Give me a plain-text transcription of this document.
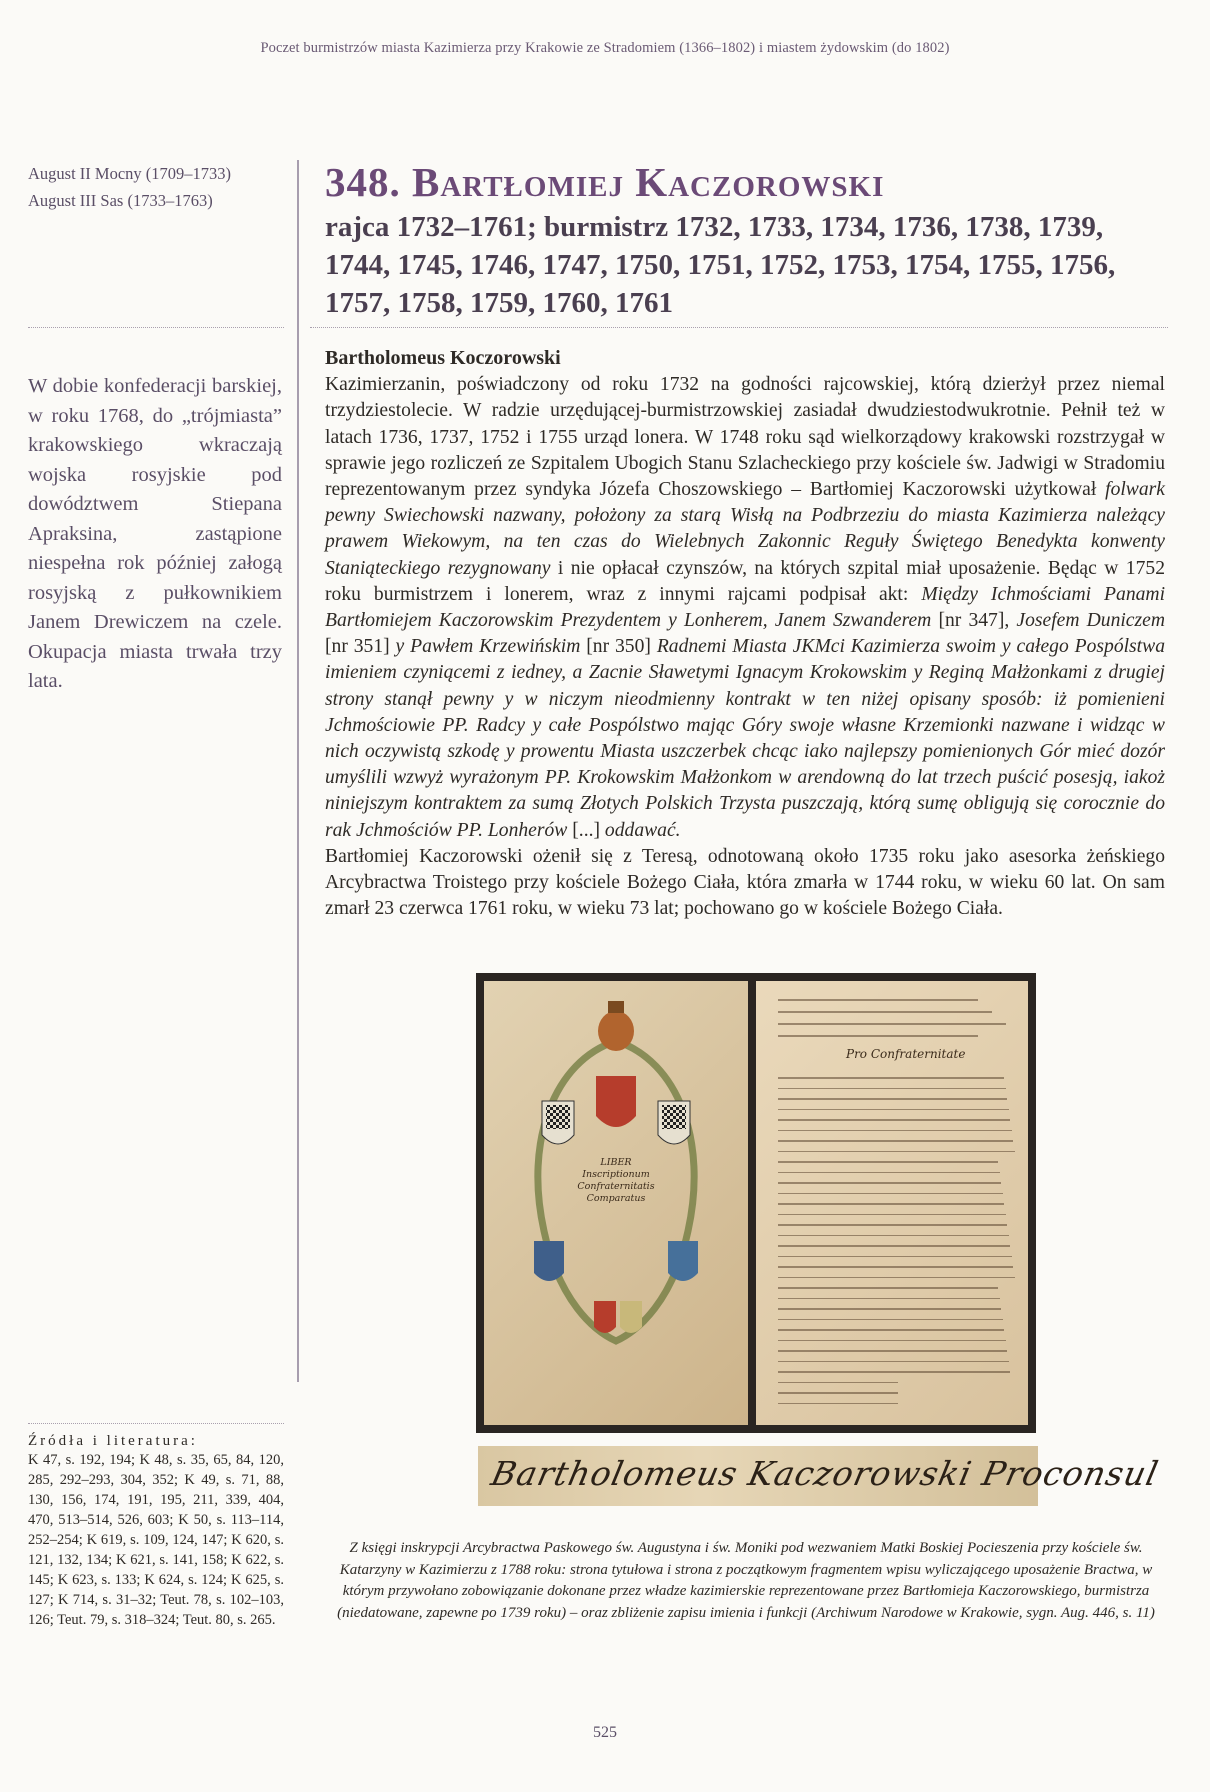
Poczet burmistrzów miasta Kazimierza przy Krakowie ze Stradomiem (1366–1802) i miastem żydowskim (do 1802)
August II Mocny (1709–1733)
August III Sas (1733–1763)
W dobie konfederacji barskiej, w roku 1768, do „trójmiasta” krakowskiego wkraczają wojska rosyjskie pod dowództwem Stiepana Apraksina, zastąpione niespełna rok później załogą rosyjską z pułkownikiem Janem Drewiczem na czele. Okupacja miasta trwała trzy lata.
348. Bartłomiej Kaczorowski
rajca 1732–1761; burmistrz 1732, 1733, 1734, 1736, 1738, 1739, 1744, 1745, 1746, 1747, 1750, 1751, 1752, 1753, 1754, 1755, 1756, 1757, 1758, 1759, 1760, 1761
Bartholomeus Koczorowski

Kazimierzanin, poświadczony od roku 1732 na godności rajcowskiej, którą dzierżył przez niemal trzydziestolecie. W radzie urzędującej-burmistrzowskiej zasiadał dwudziestodwukrotnie. Pełnił też w latach 1736, 1737, 1752 i 1755 urząd lonera. W 1748 roku sąd wielkorządowy krakowski rozstrzygał w sprawie jego rozliczeń ze Szpitalem Ubogich Stanu Szlacheckiego przy kościele św. Jadwigi w Stradomiu reprezentowanym przez syndyka Józefa Choszowskiego – Bartłomiej Kaczorowski użytkował folwark pewny Swiechowski nazwany, położony za starą Wisłą na Podbrzeziu do miasta Kazimierza należący prawem Wiekowym, na ten czas do Wielebnych Zakonnic Reguły Świętego Benedykta konwenty Staniąteckiego rezygnowany i nie opłacał czynszów, na których szpital miał uposażenie. Będąc w 1752 roku burmistrzem i lonerem, wraz z innymi rajcami podpisał akt: Między Ichmościami Panami Bartłomiejem Kaczorowskim Prezydentem y Lonherem, Janem Szwanderem [nr 347], Josefem Duniczem [nr 351] y Pawłem Krzewińskim [nr 350] Radnemi Miasta JKMci Kazimierza swoim y całego Pospólstwa imieniem czyniącemi z iedney, a Zacnie Sławetymi Ignacym Krokowskim y Reginą Małżonkami z drugiej strony stanął pewny y w niczym nieodmienny kontrakt w ten niżej opisany sposób: iż pomienieni Jchmościowie PP. Radcy y całe Pospólstwo mając Góry swoje własne Krzemionki nazwane i widząc w nich oczywistą szkodę y prowentu Miasta uszczerbek chcąc iako najlepszy pomienionych Gór mieć dozór umyślili wzwyż wyrażonym PP. Krokowskim Małżonkom w arendowną do lat trzech puścić posesją, iakoż niniejszym kontraktem za sumą Złotych Polskich Trzysta puszczają, którą sumę obligują się corocznie do rak Jchmościów PP. Lonherów [...] oddawać.

Bartłomiej Kaczorowski ożenił się z Teresą, odnotowaną około 1735 roku jako asesorka żeńskiego Arcybractwa Troistego przy kościele Bożego Ciała, która zmarła w 1744 roku, w wieku 60 lat. On sam zmarł 23 czerwca 1761 roku, w wieku 73 lat; pochowano go w kościele Bożego Ciała.

LIBER
Inscriptionum
Confraternitatis
Comparatus
Pro Confraternitate
Bartholomeus Kaczorowski Proconsul
Z księgi inskrypcji Arcybractwa Paskowego św. Augustyna i św. Moniki pod wezwaniem Matki Boskiej Pocieszenia przy kościele św. Katarzyny w Kazimierzu z 1788 roku: strona tytułowa i strona z początkowym fragmentem wpisu wyliczającego uposażenie Bractwa, w którym przywołano zobowiązanie dokonane przez władze kazimierskie reprezentowane przez Bartłomieja Kaczorowskiego, burmistrza (niedatowane, zapewne po 1739 roku) – oraz zbliżenie zapisu imienia i funkcji (Archiwum Narodowe w Krakowie, sygn. Aug. 446, s. 11)
Źródła i literatura:
K 47, s. 192, 194; K 48, s. 35, 65, 84, 120, 285, 292–293, 304, 352; K 49, s. 71, 88, 130, 156, 174, 191, 195, 211, 339, 404, 470, 513–514, 526, 603; K 50, s. 113–114, 252–254; K 619, s. 109, 124, 147; K 620, s. 121, 132, 134; K 621, s. 141, 158; K 622, s. 145; K 623, s. 133; K 624, s. 124; K 625, s. 127; K 714, s. 31–32; Teut. 78, s. 102–103, 126; Teut. 79, s. 318–324; Teut. 80, s. 265.
525
